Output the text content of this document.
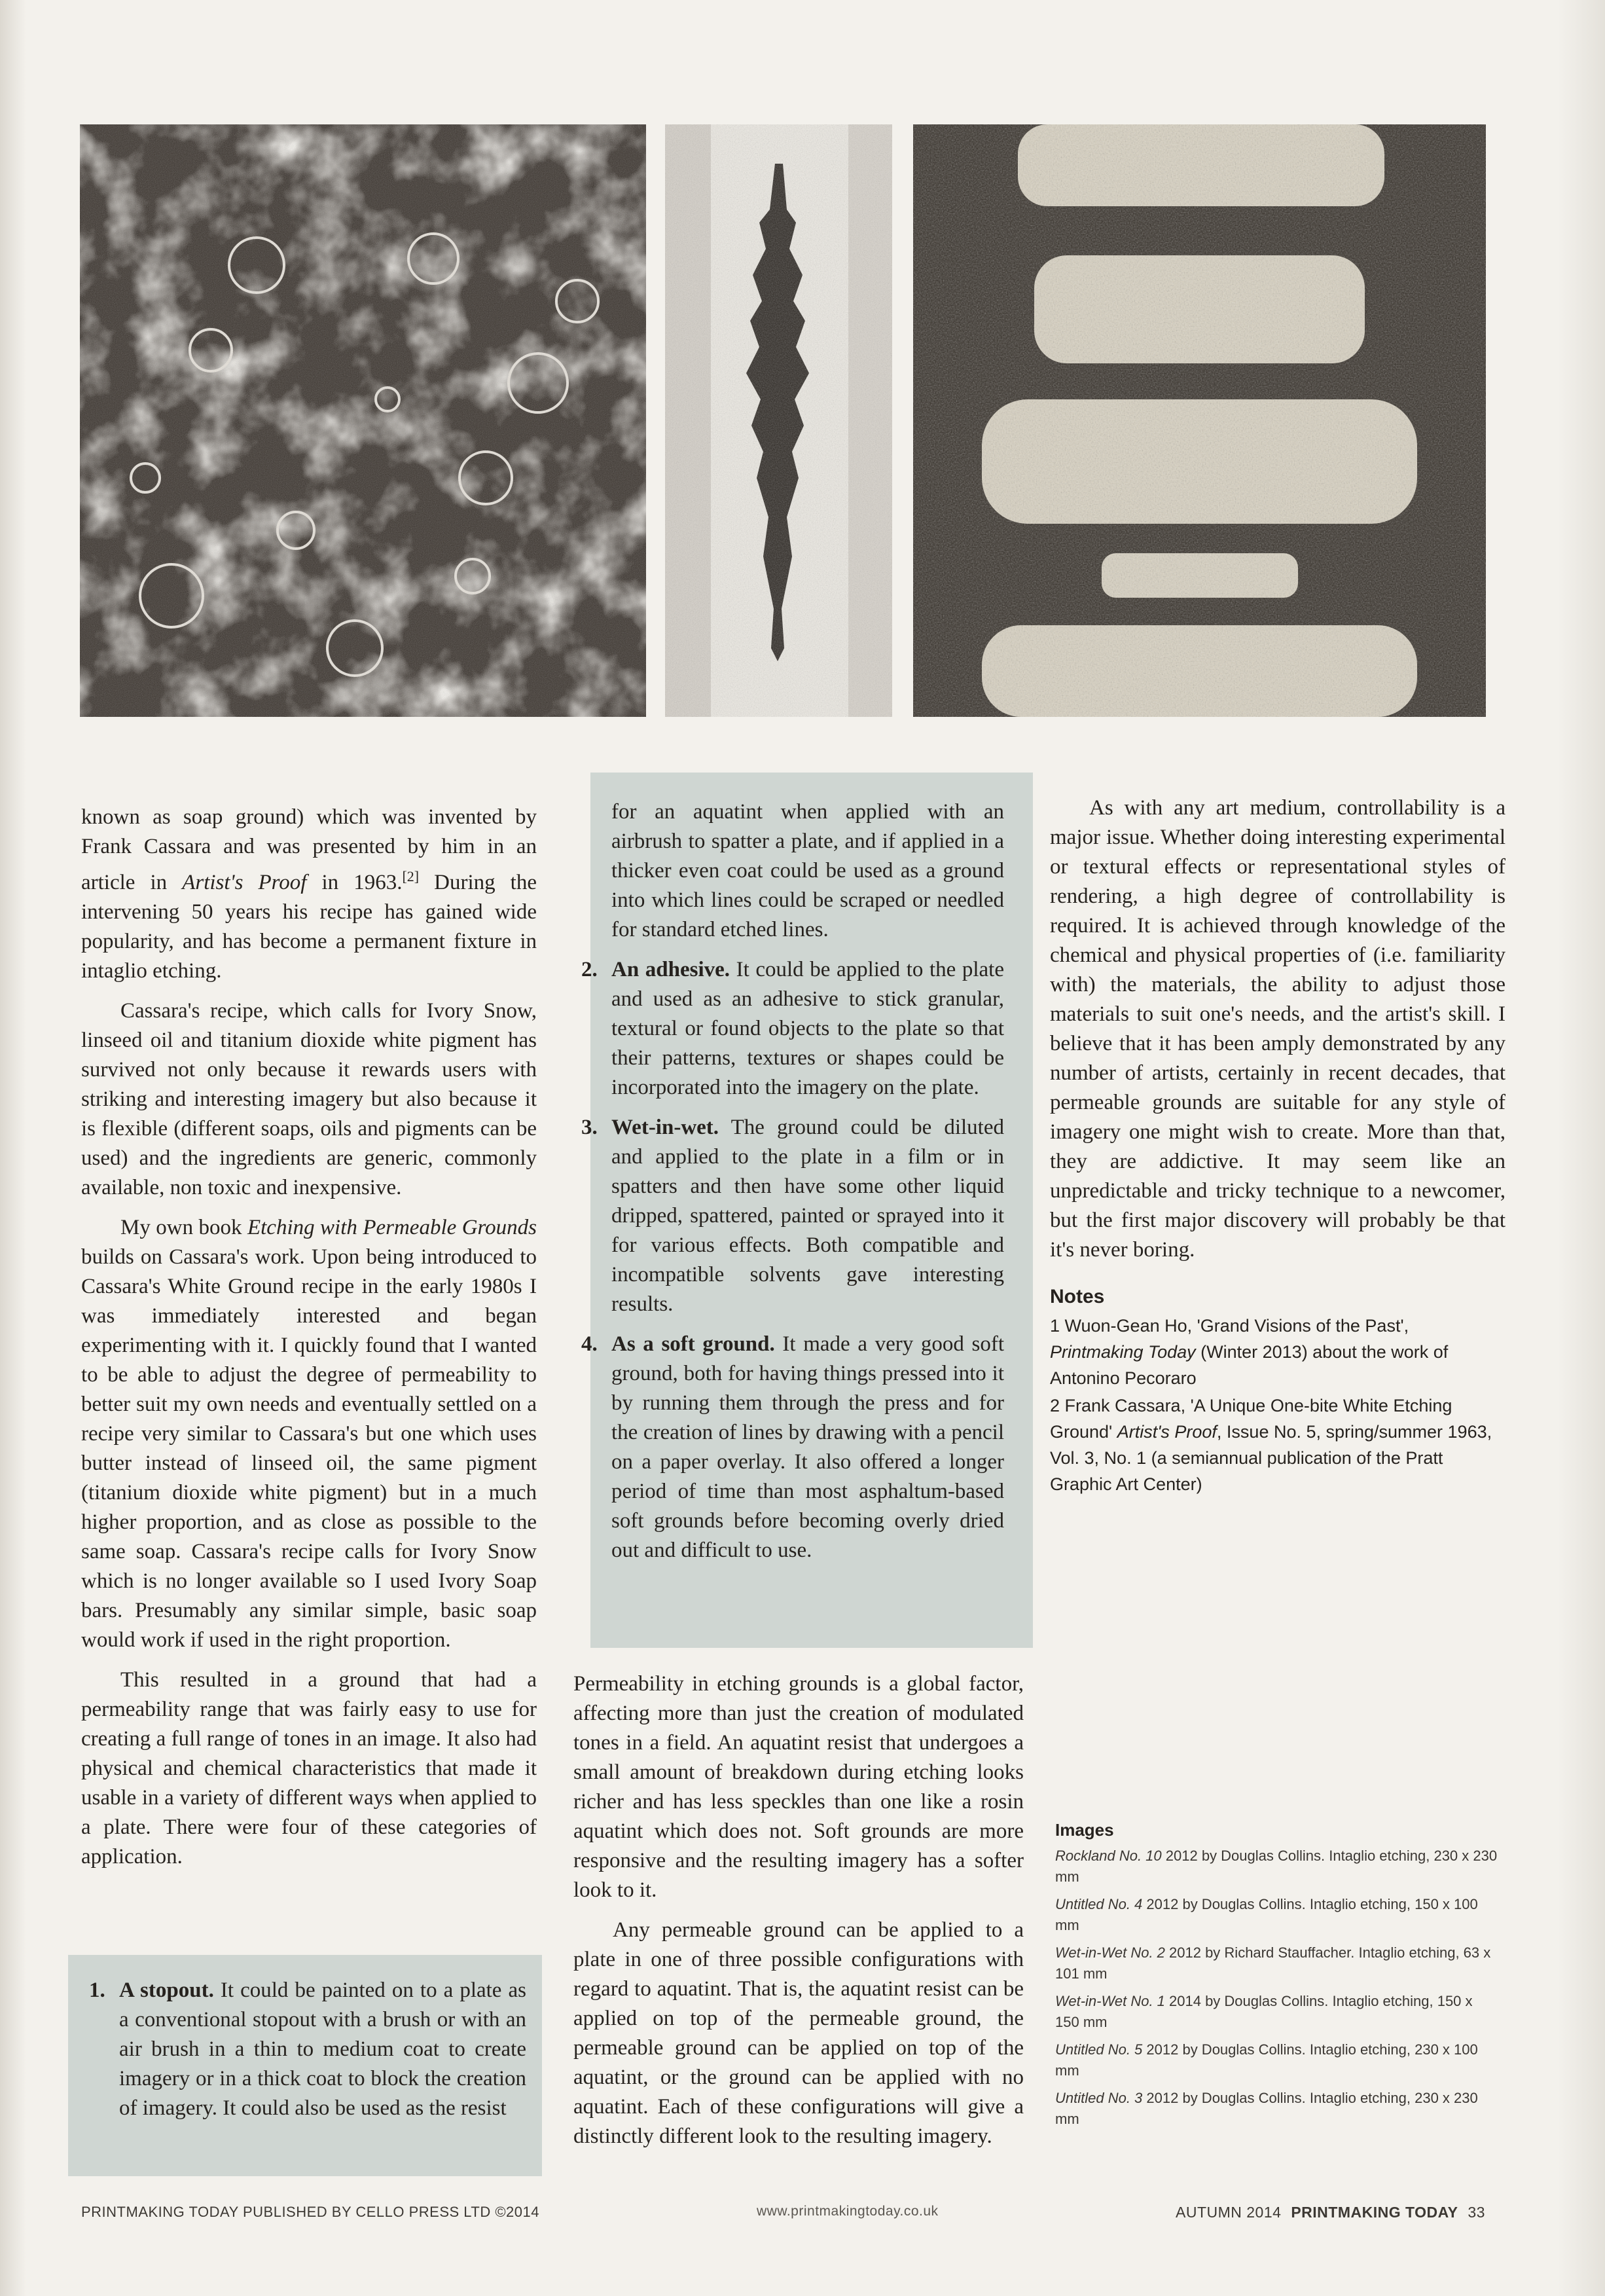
known as soap ground) which was invented by Frank Cassara and was presented by him in an article in Artist's Proof in 1963.[2] During the intervening 50 years his recipe has gained wide popularity, and has become a permanent fixture in intaglio etching.

Cassara's recipe, which calls for Ivory Snow, linseed oil and titanium dioxide white pigment has survived not only because it rewards users with striking and interesting imagery but also because it is flexible (different soaps, oils and pigments can be used) and the ingredients are generic, commonly available, non toxic and inexpensive.

My own book Etching with Permeable Grounds builds on Cassara's work. Upon being introduced to Cassara's White Ground recipe in the early 1980s I was immediately interested and began experimenting with it. I quickly found that I wanted to be able to adjust the degree of permeability to better suit my own needs and eventually settled on a recipe very similar to Cassara's but one which uses butter instead of linseed oil, the same pigment (titanium dioxide white pigment) but in a much higher proportion, and as close as possible to the same soap. Cassara's recipe calls for Ivory Snow which is no longer available so I used Ivory Soap bars. Presumably any similar simple, basic soap would work if used in the right proportion.

This resulted in a ground that had a permeability range that was fairly easy to use for creating a full range of tones in an image. It also had physical and chemical characteristics that made it usable in a variety of different ways when applied to a plate. There were four of these categories of application.

1. A stopout. It could be painted on to a plate as a conventional stopout with a brush or with an air brush in a thin to medium coat to create imagery or in a thick coat to block the creation of imagery. It could also be used as the resist

for an aquatint when applied with an airbrush to spatter a plate, and if applied in a thicker even coat could be used as a ground into which lines could be scraped or needled for standard etched lines.

2. An adhesive. It could be applied to the plate and used as an adhesive to stick granular, textural or found objects to the plate so that their patterns, textures or shapes could be incorporated into the imagery on the plate.
3. Wet-in-wet. The ground could be diluted and applied to the plate in a film or in spatters and then have some other liquid dripped, spattered, painted or sprayed into it for various effects. Both compatible and incompatible solvents gave interesting results.
4. As a soft ground. It made a very good soft ground, both for having things pressed into it by running them through the press and for the creation of lines by drawing with a pencil on a paper overlay. It also offered a longer period of time than most asphaltum-based soft grounds before becoming overly dried out and difficult to use.

Permeability in etching grounds is a global factor, affecting more than just the creation of modulated tones in a field. An aquatint resist that undergoes a small amount of breakdown during etching looks richer and has less speckles than one like a rosin aquatint which does not. Soft grounds are more responsive and the resulting imagery has a softer look to it.

Any permeable ground can be applied to a plate in one of three possible configurations with regard to aquatint. That is, the aquatint resist can be applied on top of the permeable ground, the permeable ground can be applied on top of the aquatint, or the ground can be applied with no aquatint. Each of these configurations will give a distinctly different look to the resulting imagery.

As with any art medium, controllability is a major issue. Whether doing interesting experimental or textural effects or representational styles of rendering, a high degree of controllability is required. It is achieved through knowledge of the chemical and physical properties of (i.e. familiarity with) the materials, the ability to adjust those materials to suit one's needs, and the artist's skill. I believe that it has been amply demonstrated by any number of artists, certainly in recent decades, that permeable grounds are suitable for any style of imagery one might wish to create. More than that, they are addictive. It may seem like an unpredictable and tricky technique to a newcomer, but the first major discovery will probably be that it's never boring.

Notes

1 Wuon-Gean Ho, 'Grand Visions of the Past', Printmaking Today (Winter 2013) about the work of Antonino Pecoraro

2 Frank Cassara, 'A Unique One-bite White Etching Ground' Artist's Proof, Issue No. 5, spring/summer 1963, Vol. 3, No. 1 (a semiannual publication of the Pratt Graphic Art Center)

Images
Rockland No. 10 2012 by Douglas Collins. Intaglio etching, 230 x 230 mm
Untitled No. 4 2012 by Douglas Collins. Intaglio etching, 150 x 100 mm
Wet-in-Wet No. 2 2012 by Richard Stauffacher. Intaglio etching, 63 x 101 mm
Wet-in-Wet No. 1 2014 by Douglas Collins. Intaglio etching, 150 x 150 mm
Untitled No. 5 2012 by Douglas Collins. Intaglio etching, 230 x 100 mm
Untitled No. 3 2012 by Douglas Collins. Intaglio etching, 230 x 230 mm
PRINTMAKING TODAY PUBLISHED BY CELLO PRESS LTD ©2014	www.printmakingtoday.co.uk	AUTUMN 2014 PRINTMAKING TODAY 33
